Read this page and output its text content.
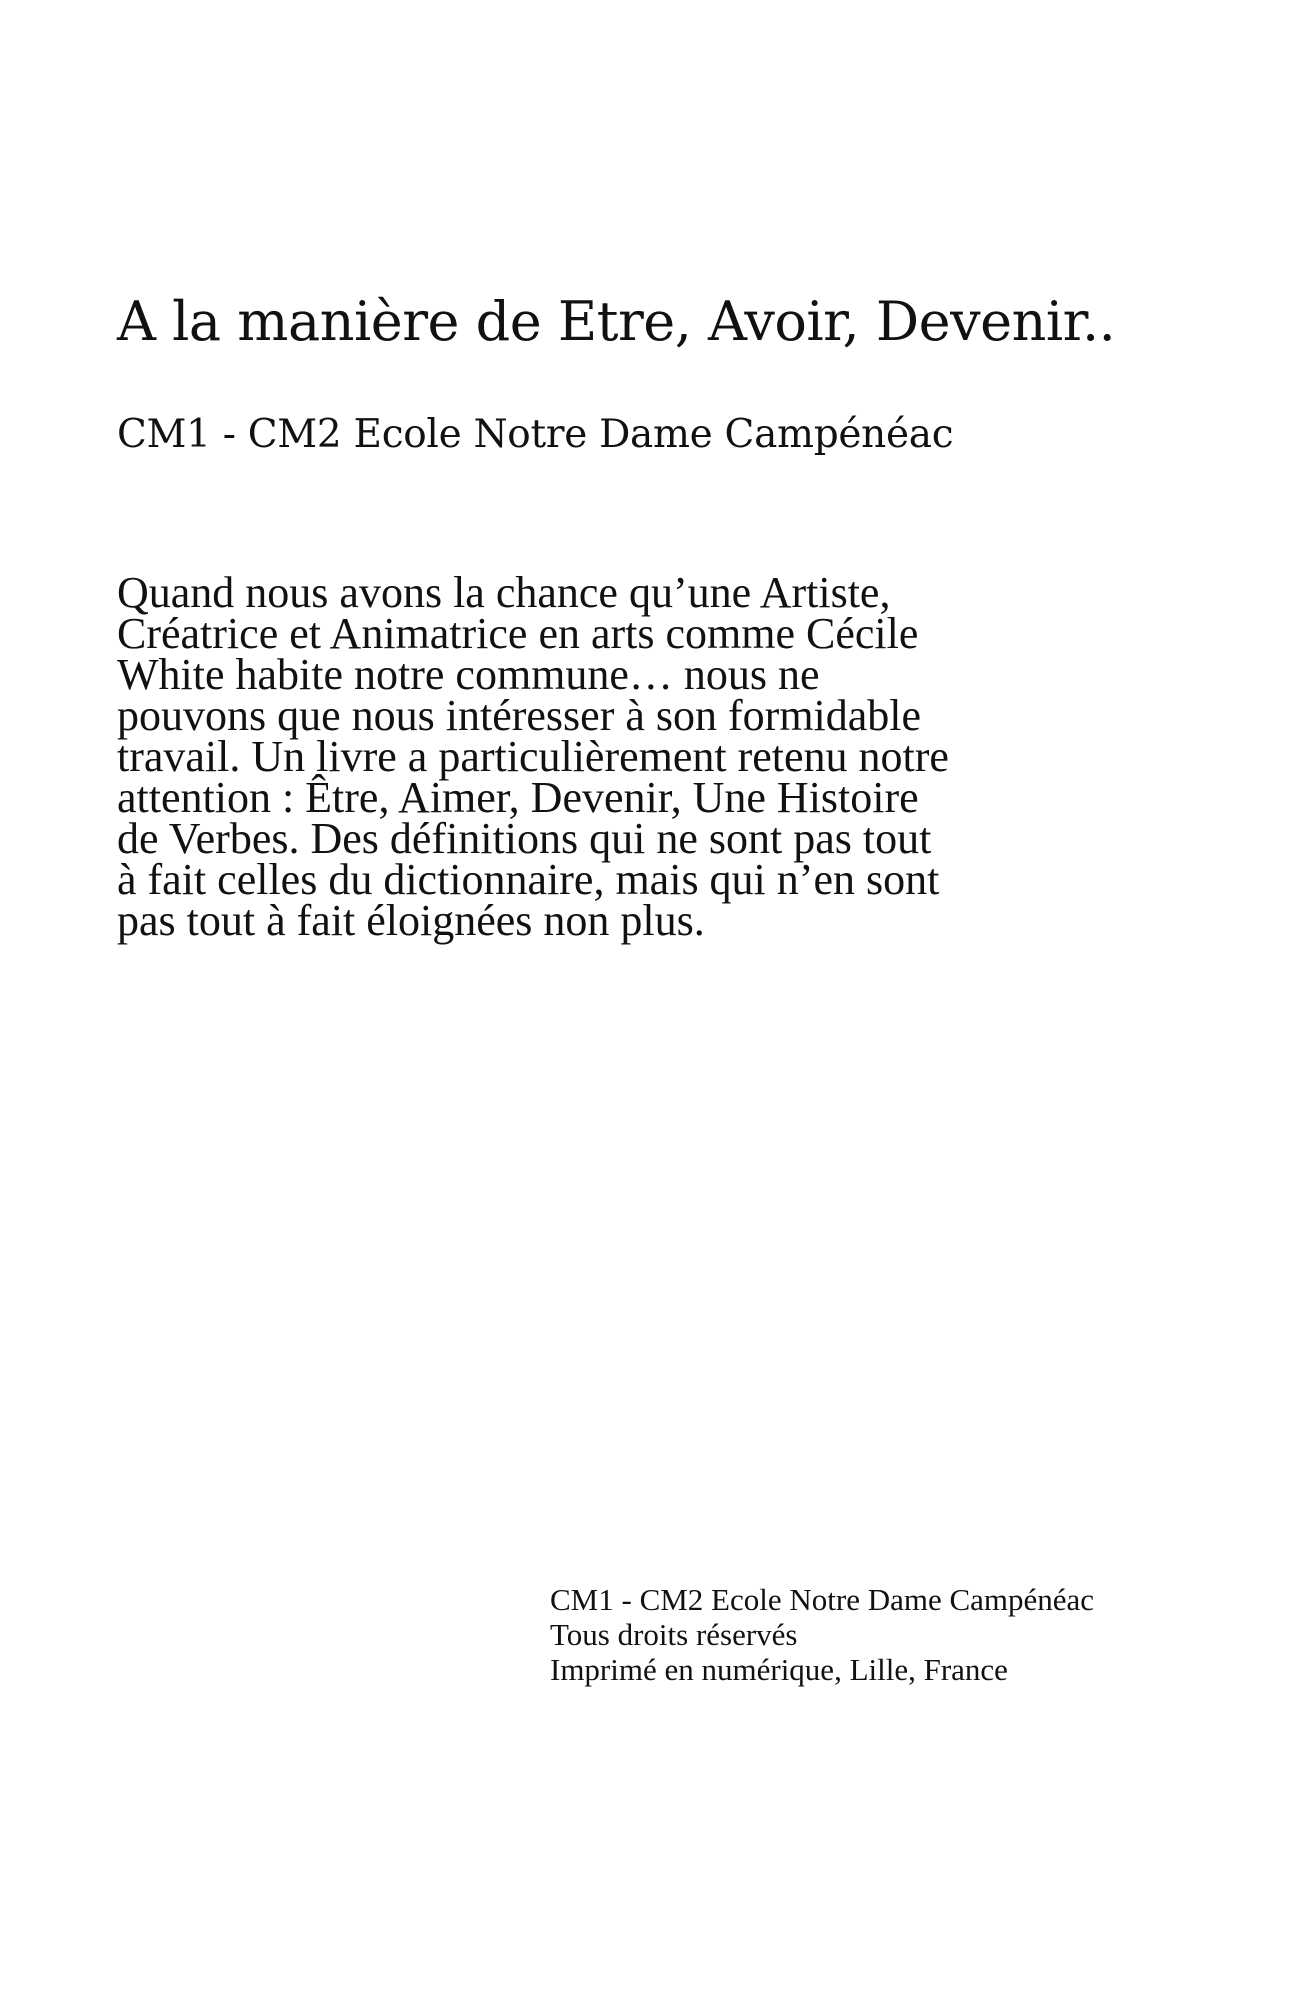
A la manière de Etre, Avoir, Devenir..
CM1 - CM2 Ecole Notre Dame Campénéac

Quand nous avons la chance qu’une Artiste, Créatrice et Animatrice en arts comme Cécile White habite notre commune… nous ne pouvons que nous intéresser à son formidable travail. Un livre a particulièrement retenu notre attention : Être, Aimer, Devenir, Une Histoire de Verbes. Des définitions qui ne sont pas tout à fait celles du dictionnaire, mais qui n’en sont pas tout à fait éloignées non plus.

CM1 - CM2 Ecole Notre Dame Campénéac
Tous droits réservés
Imprimé en numérique, Lille, France
